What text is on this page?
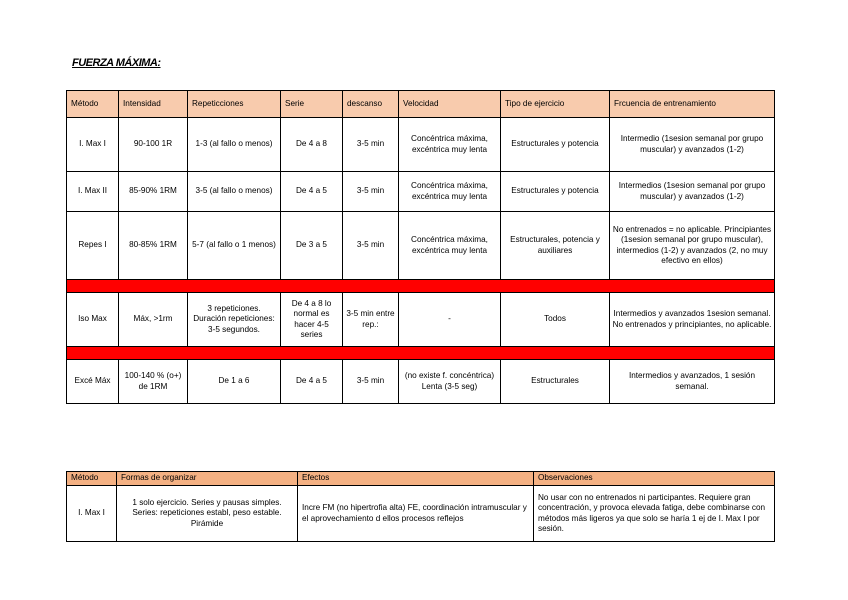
FUERZA MÁXIMA:
Método	Intensidad	Repeticciones	Serie	descanso	Velocidad	Tipo de ejercicio	Frcuencia de entrenamiento
I. Max I	90-100 1R	1-3 (al fallo o menos)	De 4 a 8	3-5 min	Concéntrica máxima, excéntrica muy lenta	Estructurales y potencia	Intermedio (1sesion semanal por grupo muscular) y avanzados (1-2)
I. Max II	85-90% 1RM	3-5 (al fallo o menos)	De 4 a 5	3-5 min	Concéntrica máxima, excéntrica muy lenta	Estructurales y potencia	Intermedios (1sesion semanal por grupo muscular) y avanzados (1-2)
Repes I	80-85% 1RM	5-7 (al fallo o 1 menos)	De 3 a 5	3-5 min	Concéntrica máxima, excéntrica muy lenta	Estructurales, potencia y auxiliares	No entrenados = no aplicable. Principiantes (1sesion semanal por grupo muscular), intermedios (1-2) y avanzados (2, no muy efectivo en ellos)

Iso Max	Máx, >1rm	3 repeticiones. Duración repeticiones: 3-5 segundos.	De 4 a 8 lo normal es hacer 4-5 series	3-5 min entre rep.:	-	Todos	Intermedios y avanzados 1sesion semanal. No entrenados y principiantes, no aplicable.

Excé Máx	100-140 % (o+) de 1RM	De 1 a 6	De 4 a 5	3-5 min	(no existe f. concéntrica) Lenta (3-5 seg)	Estructurales	Intermedios y avanzados, 1 sesión semanal.
Método	Formas de organizar	Efectos	Observaciones
I. Max I	1 solo ejercicio. Series y pausas simples. Series: repeticiones establ, peso estable. Pirámide	Incre FM (no hipertrofia alta) FE, coordinación intramuscular y el aprovechamiento d ellos procesos reflejos	No usar con no entrenados ni participantes. Requiere gran concentración, y provoca elevada fatiga, debe combinarse con métodos más ligeros ya que solo se haría 1 ej de I. Max I por sesión.
